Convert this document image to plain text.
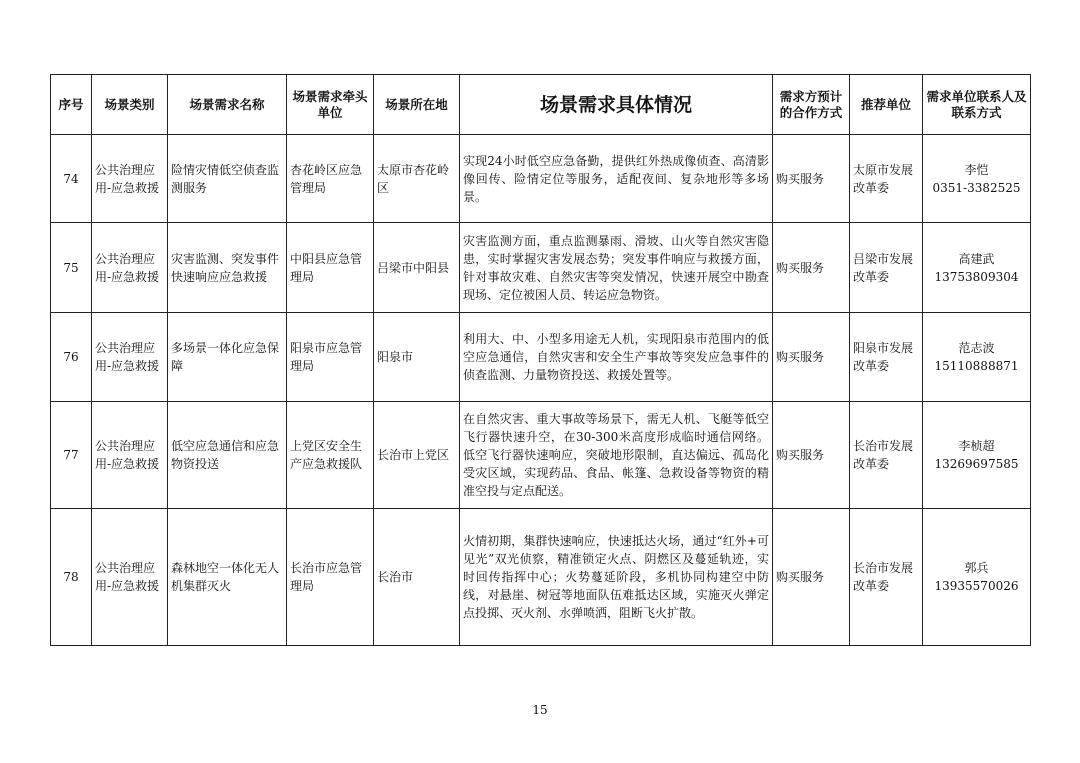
序号	场景类别	场景需求名称	场景需求牵头单位	场景所在地	场景需求具体情况	需求方预计的合作方式	推荐单位	需求单位联系人及联系方式
74	公共治理应用-应急救援	险情灾情低空侦查监测服务	杏花岭区应急管理局	太原市杏花岭区	实现24小时低空应急备勤，提供红外热成像侦查、高清影像回传、险情定位等服务，适配夜间、复杂地形等多场景。	购买服务	太原市发展改革委	李恺
0351-3382525

75	公共治理应用-应急救援	灾害监测、突发事件快速响应应急救援	中阳县应急管理局	吕梁市中阳县	灾害监测方面，重点监测暴雨、滑坡、山火等自然灾害隐患，实时掌握灾害发展态势；突发事件响应与救援方面，针对事故灾难、自然灾害等突发情况，快速开展空中勘查现场、定位被困人员、转运应急物资。	购买服务	吕梁市发展改革委	高建武
13753809304

76	公共治理应用-应急救援	多场景一体化应急保障	阳泉市应急管理局	阳泉市	利用大、中、小型多用途无人机，实现阳泉市范围内的低空应急通信，自然灾害和安全生产事故等突发应急事件的侦查监测、力量物资投送、救援处置等。	购买服务	阳泉市发展改革委	范志波
15110888871

77	公共治理应用-应急救援	低空应急通信和应急物资投送	上党区安全生产应急救援队	长治市上党区	在自然灾害、重大事故等场景下，需无人机、飞艇等低空飞行器快速升空，在30-300米高度形成临时通信网络。低空飞行器快速响应，突破地形限制，直达偏远、孤岛化受灾区域，实现药品、食品、帐篷、急救设备等物资的精准空投与定点配送。	购买服务	长治市发展改革委	李桢超
13269697585

78	公共治理应用-应急救援	森林地空一体化无人机集群灭火	长治市应急管理局	长治市	火情初期，集群快速响应，快速抵达火场，通过“红外+可见光”双光侦察，精准锁定火点、阴燃区及蔓延轨迹，实时回传指挥中心；火势蔓延阶段，多机协同构建空中防线，对悬崖、树冠等地面队伍难抵达区域，实施灭火弹定点投掷、灭火剂、水弹喷洒，阻断飞火扩散。	购买服务	长治市发展改革委	郭兵
13935570026
15
